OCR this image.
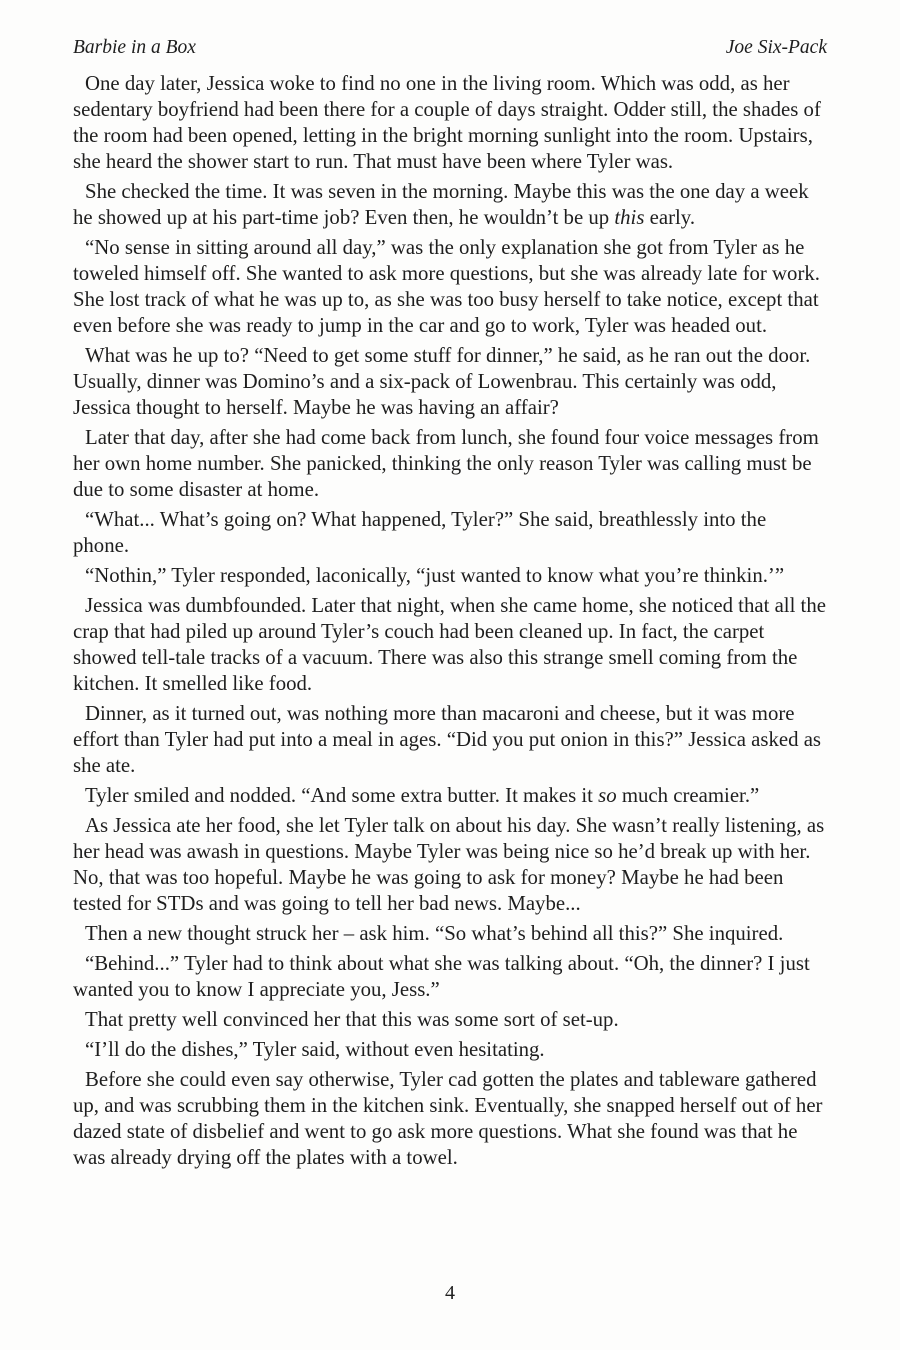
Barbie in a Box	Joe Six-Pack

One day later, Jessica woke to find no one in the living room. Which was odd, as her sedentary boyfriend had been there for a couple of days straight. Odder still, the shades of the room had been opened, letting in the bright morning sunlight into the room. Upstairs, she heard the shower start to run. That must have been where Tyler was.

She checked the time. It was seven in the morning. Maybe this was the one day a week he showed up at his part-time job? Even then, he wouldn’t be up this early.

“No sense in sitting around all day,” was the only explanation she got from Tyler as he toweled himself off. She wanted to ask more questions, but she was already late for work. She lost track of what he was up to, as she was too busy herself to take notice, except that even before she was ready to jump in the car and go to work, Tyler was headed out.

What was he up to? “Need to get some stuff for dinner,” he said, as he ran out the door. Usually, dinner was Domino’s and a six-pack of Lowenbrau. This certainly was odd, Jessica thought to herself. Maybe he was having an affair?

Later that day, after she had come back from lunch, she found four voice messages from her own home number. She panicked, thinking the only reason Tyler was calling must be due to some disaster at home.

“What... What’s going on? What happened, Tyler?” She said, breathlessly into the phone.

“Nothin,” Tyler responded, laconically, “just wanted to know what you’re thinkin.’”

Jessica was dumbfounded. Later that night, when she came home, she noticed that all the crap that had piled up around Tyler’s couch had been cleaned up. In fact, the carpet showed tell-tale tracks of a vacuum. There was also this strange smell coming from the kitchen. It smelled like food.

Dinner, as it turned out, was nothing more than macaroni and cheese, but it was more effort than Tyler had put into a meal in ages. “Did you put onion in this?” Jessica asked as she ate.

Tyler smiled and nodded. “And some extra butter. It makes it so much creamier.”

As Jessica ate her food, she let Tyler talk on about his day. She wasn’t really listening, as her head was awash in questions. Maybe Tyler was being nice so he’d break up with her. No, that was too hopeful. Maybe he was going to ask for money? Maybe he had been tested for STDs and was going to tell her bad news. Maybe...

Then a new thought struck her – ask him. “So what’s behind all this?” She inquired.

“Behind...” Tyler had to think about what she was talking about. “Oh, the dinner? I just wanted you to know I appreciate you, Jess.”

That pretty well convinced her that this was some sort of set-up.

“I’ll do the dishes,” Tyler said, without even hesitating.

Before she could even say otherwise, Tyler cad gotten the plates and tableware gathered up, and was scrubbing them in the kitchen sink. Eventually, she snapped herself out of her dazed state of disbelief and went to go ask more questions. What she found was that he was already drying off the plates with a towel.

4
